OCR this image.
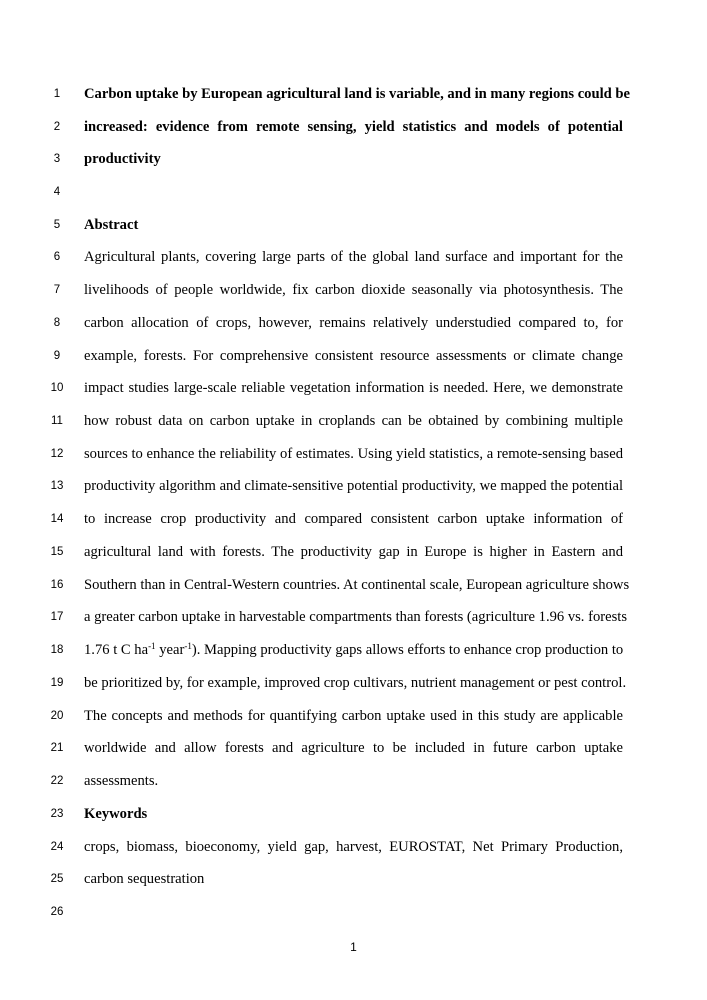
1	Carbon uptake by European agricultural land is variable, and in many regions could be
2	increased: evidence from remote sensing, yield statistics and models of potential
3	productivity
4
5	Abstract
6	Agricultural plants, covering large parts of the global land surface and important for the
7	livelihoods of people worldwide, fix carbon dioxide seasonally via photosynthesis. The
8	carbon allocation of crops, however, remains relatively understudied compared to, for
9	example, forests. For comprehensive consistent resource assessments or climate change
10 impact studies large-scale reliable vegetation information is needed. Here, we demonstrate
11 how robust data on carbon uptake in croplands can be obtained by combining multiple
12 sources to enhance the reliability of estimates. Using yield statistics, a remote-sensing based
13 productivity algorithm and climate-sensitive potential productivity, we mapped the potential
14 to increase crop productivity and compared consistent carbon uptake information of
15 agricultural land with forests. The productivity gap in Europe is higher in Eastern and
16 Southern than in Central-Western countries. At continental scale, European agriculture shows
17 a greater carbon uptake in harvestable compartments than forests (agriculture 1.96 vs. forests
18 1.76 t C $ha^{-1}$ year$^{-1}$). Mapping productivity gaps allows efforts to enhance crop production to
19 be prioritized by, for example, improved crop cultivars, nutrient management or pest control.
20 The concepts and methods for quantifying carbon uptake used in this study are applicable
21 worldwide and allow forests and agriculture to be included in future carbon uptake
22 assessments.
23 Keywords
24 crops, biomass, bioeconomy, yield gap, harvest, EUROSTAT, Net Primary Production,
25 carbon sequestration
26
1
